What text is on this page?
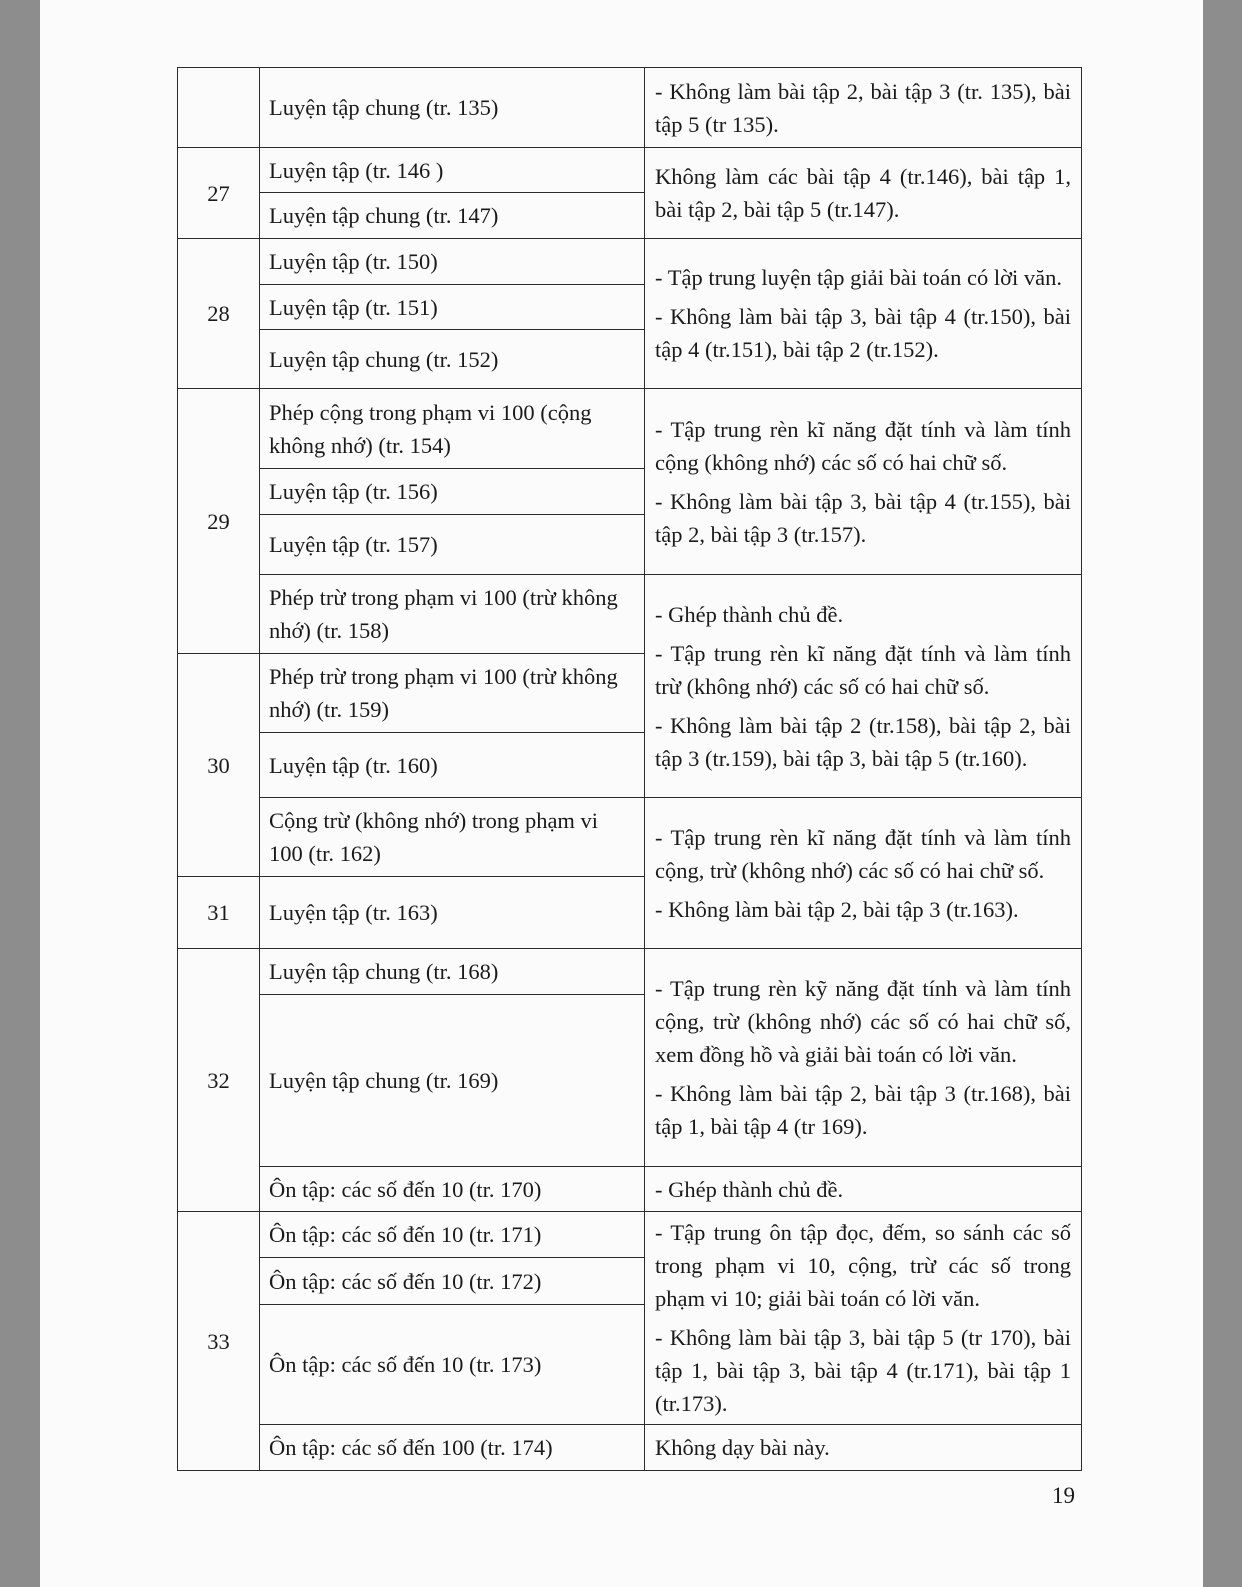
	Luyện tập chung (tr. 135)	- Không làm bài tập 2, bài tập 3 (tr. 135), bài tập 5 (tr 135).

27	Luyện tập (tr. 146 )	Không làm các bài tập 4 (tr.146), bài tập 1, bài tập 2, bài tập 5 (tr.147).

	Luyện tập chung (tr. 147)	
28	Luyện tập (tr. 150)	- Tập trung luyện tập giải bài toán có lời văn.

- Không làm bài tập 3, bài tập 4 (tr.150), bài tập 4 (tr.151), bài tập 2 (tr.152).

	Luyện tập (tr. 151)	
	Luyện tập chung (tr. 152)	
29	Phép cộng trong phạm vi 100 (cộng không nhớ) (tr. 154)	- Tập trung rèn kĩ năng đặt tính và làm tính cộng (không nhớ) các số có hai chữ số.

- Không làm bài tập 3, bài tập 4 (tr.155), bài tập 2, bài tập 3 (tr.157).

	Luyện tập (tr. 156)	
	Luyện tập (tr. 157)	
	Phép trừ trong phạm vi 100 (trừ không nhớ) (tr. 158)	- Ghép thành chủ đề.

- Tập trung rèn kĩ năng đặt tính và làm tính trừ (không nhớ) các số có hai chữ số.

- Không làm bài tập 2 (tr.158), bài tập 2, bài tập 3 (tr.159), bài tập 3, bài tập 5 (tr.160).

30	Phép trừ trong phạm vi 100 (trừ không nhớ) (tr. 159)	
	Luyện tập (tr. 160)	
	Cộng trừ (không nhớ) trong phạm vi 100 (tr. 162)	- Tập trung rèn kĩ năng đặt tính và làm tính cộng, trừ (không nhớ) các số có hai chữ số.

- Không làm bài tập 2, bài tập 3 (tr.163).

31	Luyện tập (tr. 163)	
32	Luyện tập chung (tr. 168)	- Tập trung rèn kỹ năng đặt tính và làm tính cộng, trừ (không nhớ) các số có hai chữ số, xem đồng hồ và giải bài toán có lời văn.

- Không làm bài tập 2, bài tập 3 (tr.168), bài tập 1, bài tập 4 (tr 169).

	Luyện tập chung (tr. 169)	
	Ôn tập: các số đến 10 (tr. 170)	- Ghép thành chủ đề.

33	Ôn tập: các số đến 10 (tr. 171)	- Tập trung ôn tập đọc, đếm, so sánh các số trong phạm vi 10, cộng, trừ các số trong phạm vi 10; giải bài toán có lời văn.

- Không làm bài tập 3, bài tập 5 (tr 170), bài tập 1, bài tập 3, bài tập 4 (tr.171), bài tập 1 (tr.173).

	Ôn tập: các số đến 10 (tr. 172)	
	Ôn tập: các số đến 10 (tr. 173)	
	Ôn tập: các số đến 100 (tr. 174)	Không dạy bài này.

19
